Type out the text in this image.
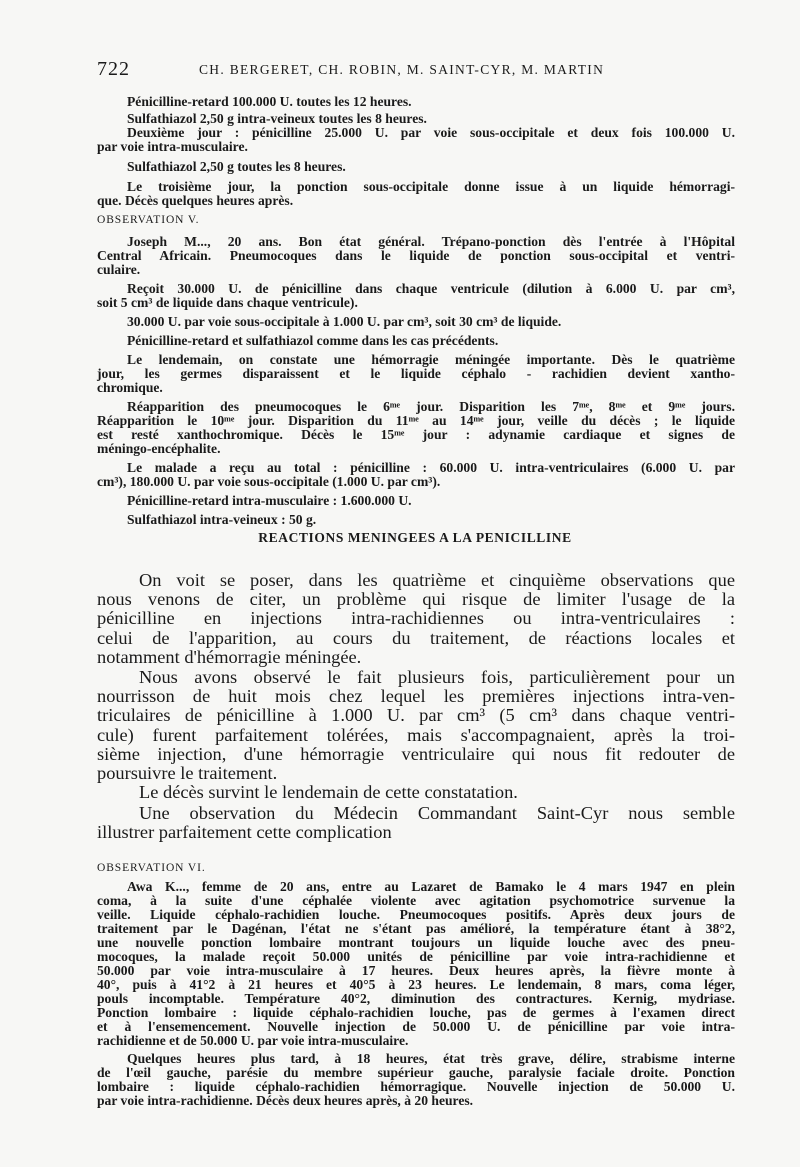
722	CH. BERGERET, CH. ROBIN, M. SAINT-CYR, M. MARTIN

Pénicilline-retard 100.000 U. toutes les 12 heures.

Sulfathiazol 2,50 g intra-veineux toutes les 8 heures.

Deuxième jour : pénicilline 25.000 U. par voie sous-occipitale et deux fois 100.000 U.

par voie intra-musculaire.

Sulfathiazol 2,50 g toutes les 8 heures.

Le troisième jour, la ponction sous-occipitale donne issue à un liquide hémorragi-

que. Décès quelques heures après.

OBSERVATION V.

Joseph M..., 20 ans. Bon état général. Trépano-ponction dès l'entrée à l'Hôpital

Central Africain. Pneumocoques dans le liquide de ponction sous-occipital et ventri-

culaire.

Reçoit 30.000 U. de pénicilline dans chaque ventricule (dilution à 6.000 U. par cm³,

soit 5 cm³ de liquide dans chaque ventricule).

30.000 U. par voie sous-occipitale à 1.000 U. par cm³, soit 30 cm³ de liquide.

Pénicilline-retard et sulfathiazol comme dans les cas précédents.

Le lendemain, on constate une hémorragie méningée importante. Dès le quatrième

jour, les germes disparaissent et le liquide céphalo - rachidien devient xantho-

chromique.

Réapparition des pneumocoques le 6ᵐᵉ jour. Disparition les 7ᵐᵉ, 8ᵐᵉ et 9ᵐᵉ jours.

Réapparition le 10ᵐᵉ jour. Disparition du 11ᵐᵉ au 14ᵐᵉ jour, veille du décès ; le liquide

est resté xanthochromique. Décès le 15ᵐᵉ jour : adynamie cardiaque et signes de

méningo-encéphalite.

Le malade a reçu au total : pénicilline : 60.000 U. intra-ventriculaires (6.000 U. par

cm³), 180.000 U. par voie sous-occipitale (1.000 U. par cm³).

Pénicilline-retard intra-musculaire : 1.600.000 U.

Sulfathiazol intra-veineux : 50 g.

REACTIONS MENINGEES A LA PENICILLINE
On voit se poser, dans les quatrième et cinquième observations que
nous venons de citer, un problème qui risque de limiter l'usage de la
pénicilline en injections intra-rachidiennes ou intra-ventriculaires :
celui de l'apparition, au cours du traitement, de réactions locales et
notamment d'hémorragie méningée.
Nous avons observé le fait plusieurs fois, particulièrement pour un
nourrisson de huit mois chez lequel les premières injections intra-ven-
triculaires de pénicilline à 1.000 U. par cm³ (5 cm³ dans chaque ventri-
cule) furent parfaitement tolérées, mais s'accompagnaient, après la troi-
sième injection, d'une hémorragie ventriculaire qui nous fit redouter de
poursuivre le traitement.
Le décès survint le lendemain de cette constatation.
Une observation du Médecin Commandant Saint-Cyr nous semble
illustrer parfaitement cette complication
OBSERVATION VI.

Awa K..., femme de 20 ans, entre au Lazaret de Bamako le 4 mars 1947 en plein

coma, à la suite d'une céphalée violente avec agitation psychomotrice survenue la

veille. Liquide céphalo-rachidien louche. Pneumocoques positifs. Après deux jours de

traitement par le Dagénan, l'état ne s'étant pas amélioré, la température étant à 38°2,

une nouvelle ponction lombaire montrant toujours un liquide louche avec des pneu-

mocoques, la malade reçoit 50.000 unités de pénicilline par voie intra-rachidienne et

50.000 par voie intra-musculaire à 17 heures. Deux heures après, la fièvre monte à

40°, puis à 41°2 à 21 heures et 40°5 à 23 heures. Le lendemain, 8 mars, coma léger,

pouls incomptable. Température 40°2, diminution des contractures. Kernig, mydriase.

Ponction lombaire : liquide céphalo-rachidien louche, pas de germes à l'examen direct

et à l'ensemencement. Nouvelle injection de 50.000 U. de pénicilline par voie intra-

rachidienne et de 50.000 U. par voie intra-musculaire.

Quelques heures plus tard, à 18 heures, état très grave, délire, strabisme interne

de l'œil gauche, parésie du membre supérieur gauche, paralysie faciale droite. Ponction

lombaire : liquide céphalo-rachidien hémorragique. Nouvelle injection de 50.000 U.

par voie intra-rachidienne. Décès deux heures après, à 20 heures.
